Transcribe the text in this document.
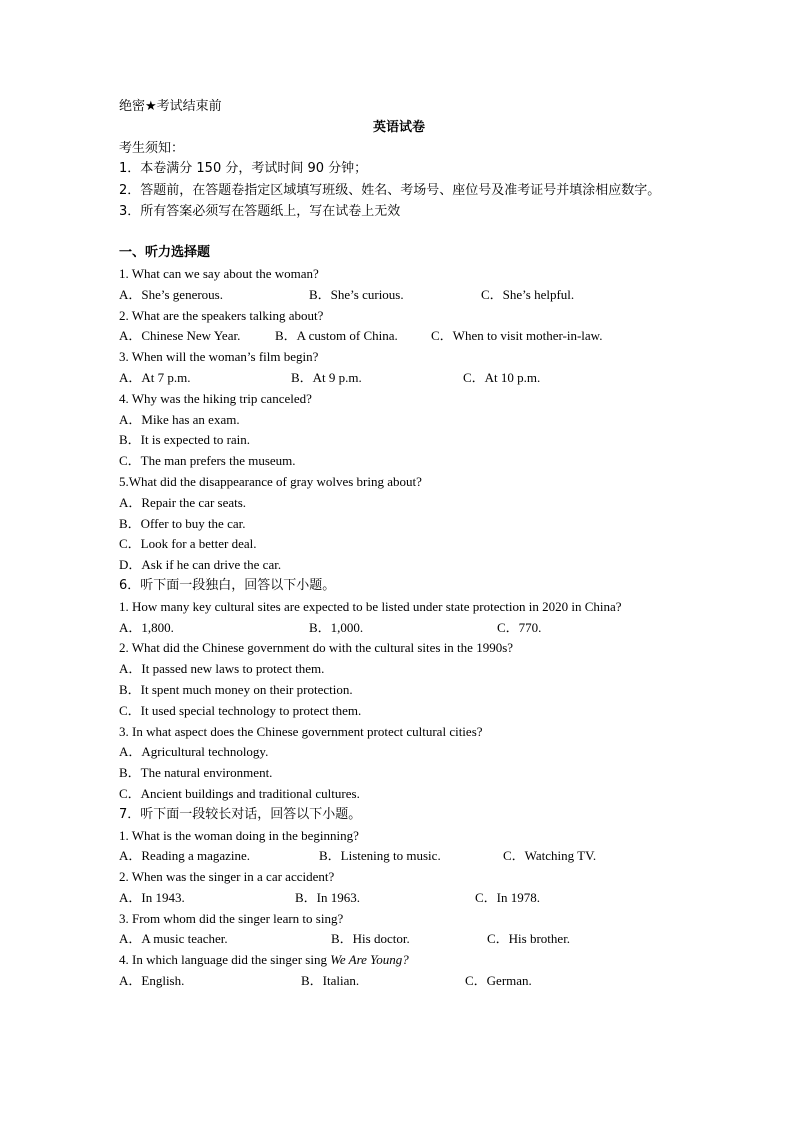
绝密★考试结束前
英语试卷
考生须知：
1．本卷满分 150 分，考试时间 90 分钟；
2．答题前，在答题卷指定区域填写班级、姓名、考场号、座位号及准考证号并填涂相应数字。3．所有答案必须写在答题纸上，写在试卷上无效
一、听力选择题
1. What can we say about the woman?
A．She’s generous.	B．She’s curious.	C．She’s helpful.
2. What are the speakers talking about?
A．Chinese New Year.	B．A custom of China.	C．When to visit mother-in-law.
3. When will the woman’s film begin?
A．At 7 p.m.	B．At 9 p.m.	C．At 10 p.m.
4. Why was the hiking trip canceled?
A．Mike has an exam.
B．It is expected to rain.
C．The man prefers the museum.
5.What did the disappearance of gray wolves bring about?
A．Repair the car seats.
B．Offer to buy the car.
C．Look for a better deal.
D．Ask if he can drive the car.
6．听下面一段独白，回答以下小题。
1. How many key cultural sites are expected to be listed under state protection in 2020 in China?
A．1,800.	B．1,000.	C．770.
2. What did the Chinese government do with the cultural sites in the 1990s?
A．It passed new laws to protect them.
B．It spent much money on their protection.
C．It used special technology to protect them.
3. In what aspect does the Chinese government protect cultural cities?
A．Agricultural technology.
B．The natural environment.
C．Ancient buildings and traditional cultures.
7．听下面一段较长对话，回答以下小题。
1. What is the woman doing in the beginning?
A．Reading a magazine.	B．Listening to music.	C．Watching TV.
2. When was the singer in a car accident?
A．In 1943.	B．In 1963.	C．In 1978.
3. From whom did the singer learn to sing?
A．A music teacher.	B．His doctor.	C．His brother.
4. In which language did the singer sing We Are Young?
A．English.	B．Italian.	C．German.
